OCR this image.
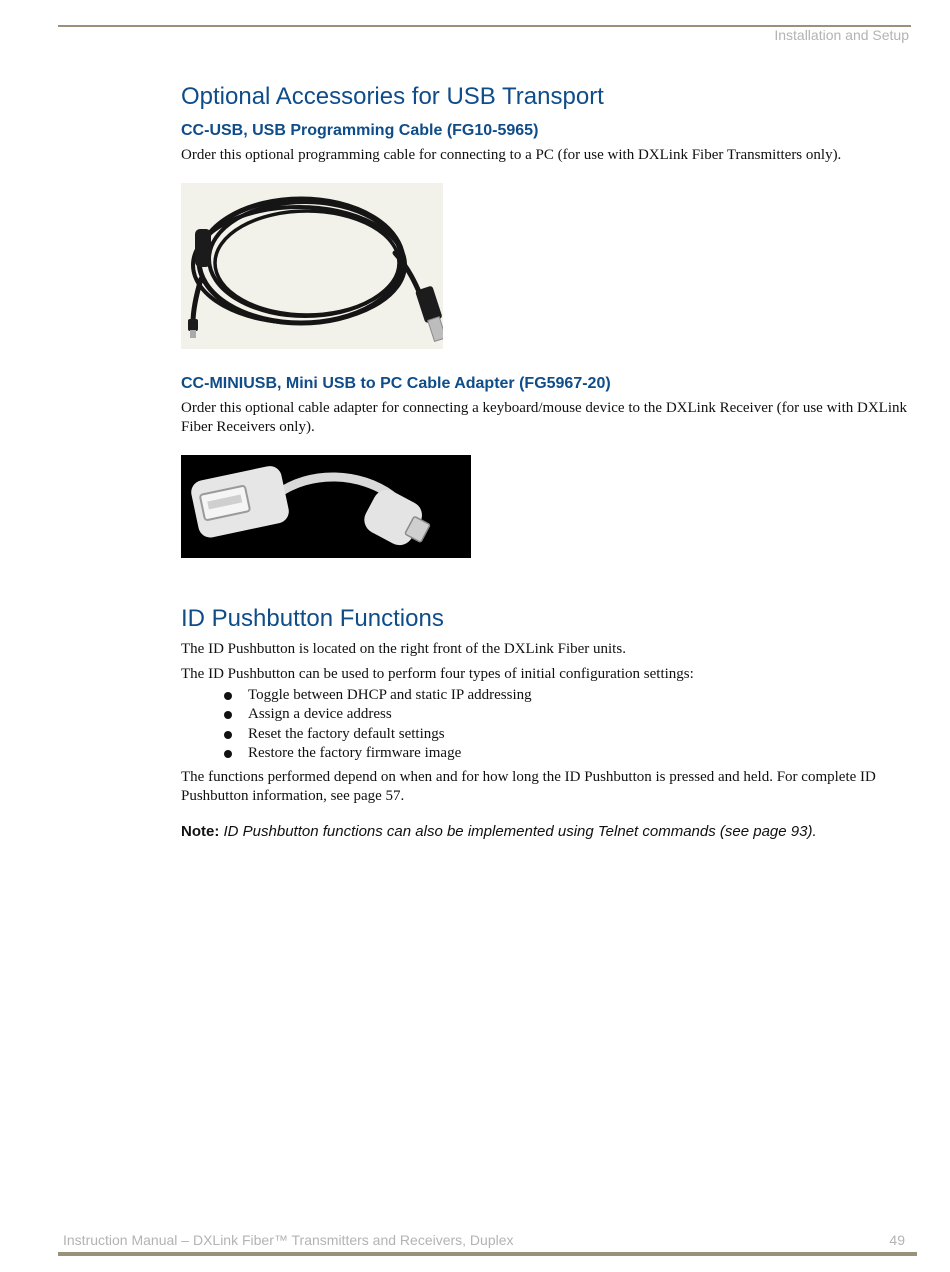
Installation and Setup
Optional Accessories for USB Transport
CC-USB, USB Programming Cable (FG10-5965)

Order this optional programming cable for connecting to a PC (for use with DXLink Fiber Transmitters only).

CC-MINIUSB, Mini USB to PC Cable Adapter (FG5967-20)

Order this optional cable adapter for connecting a keyboard/mouse device to the DXLink Receiver (for use with DXLink Fiber Receivers only).

ID Pushbutton Functions

The ID Pushbutton is located on the right front of the DXLink Fiber units.

The ID Pushbutton can be used to perform four types of initial configuration settings:

Toggle between DHCP and static IP addressing
Assign a device address
Reset the factory default settings
Restore the factory firmware image

The functions performed depend on when and for how long the ID Pushbutton is pressed and held. For complete ID Pushbutton information, see page 57.

Note: ID Pushbutton functions can also be implemented using Telnet commands (see page 93).
Instruction Manual – DXLink Fiber™ Transmitters and Receivers, Duplex	49
